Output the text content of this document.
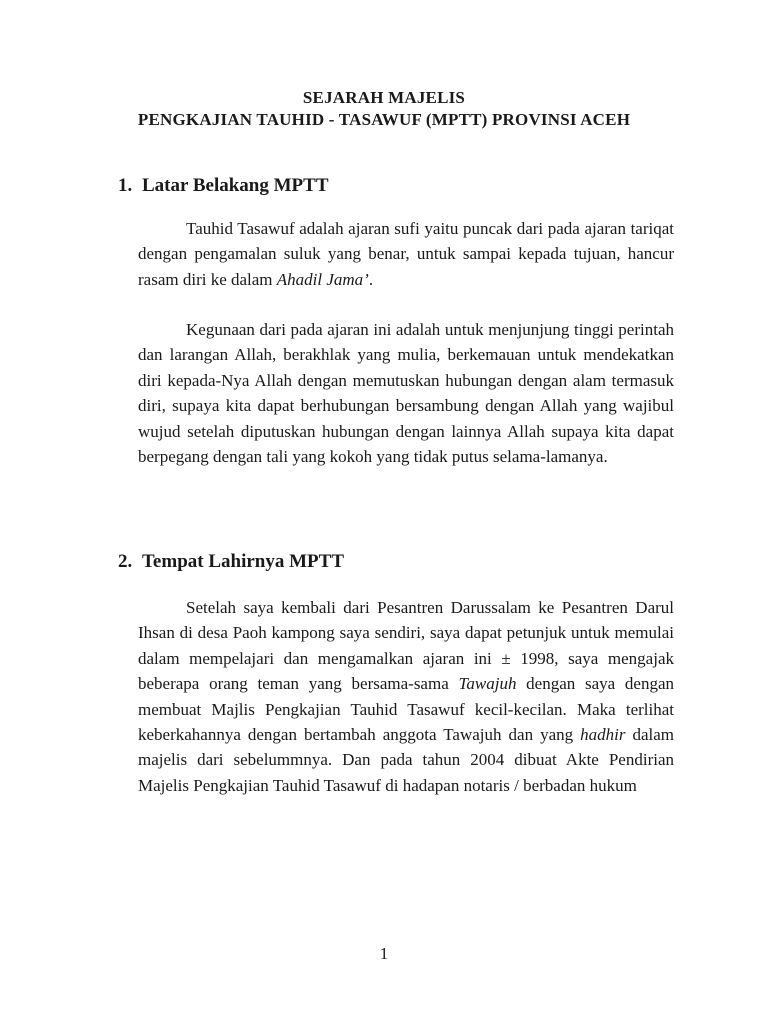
SEJARAH MAJELIS
PENGKAJIAN TAUHID - TASAWUF (MPTT) PROVINSI ACEH
1. Latar Belakang MPTT

Tauhid Tasawuf adalah ajaran sufi yaitu puncak dari pada ajaran tariqat dengan pengamalan suluk yang benar, untuk sampai kepada tujuan, hancur rasam diri ke dalam Ahadil Jama’.

Kegunaan dari pada ajaran ini adalah untuk menjunjung tinggi perintah dan larangan Allah, berakhlak yang mulia, berkemauan untuk mendekatkan diri kepada-Nya Allah dengan memutuskan hubungan dengan alam termasuk diri, supaya kita dapat berhubungan bersambung dengan Allah yang wajibul wujud setelah diputuskan hubungan dengan lainnya Allah supaya kita dapat berpegang dengan tali yang kokoh yang tidak putus selama-lamanya.

2. Tempat Lahirnya MPTT

Setelah saya kembali dari Pesantren Darussalam ke Pesantren Darul Ihsan di desa Paoh kampong saya sendiri, saya dapat petunjuk untuk memulai dalam mempelajari dan mengamalkan ajaran ini ± 1998, saya mengajak beberapa orang teman yang bersama-sama Tawajuh dengan saya dengan membuat Majlis Pengkajian Tauhid Tasawuf kecil-kecilan. Maka terlihat keberkahannya dengan bertambah anggota Tawajuh dan yang hadhir dalam majelis dari sebelummnya. Dan pada tahun 2004 dibuat Akte Pendirian Majelis Pengkajian Tauhid Tasawuf di hadapan notaris / berbadan hukum

1
